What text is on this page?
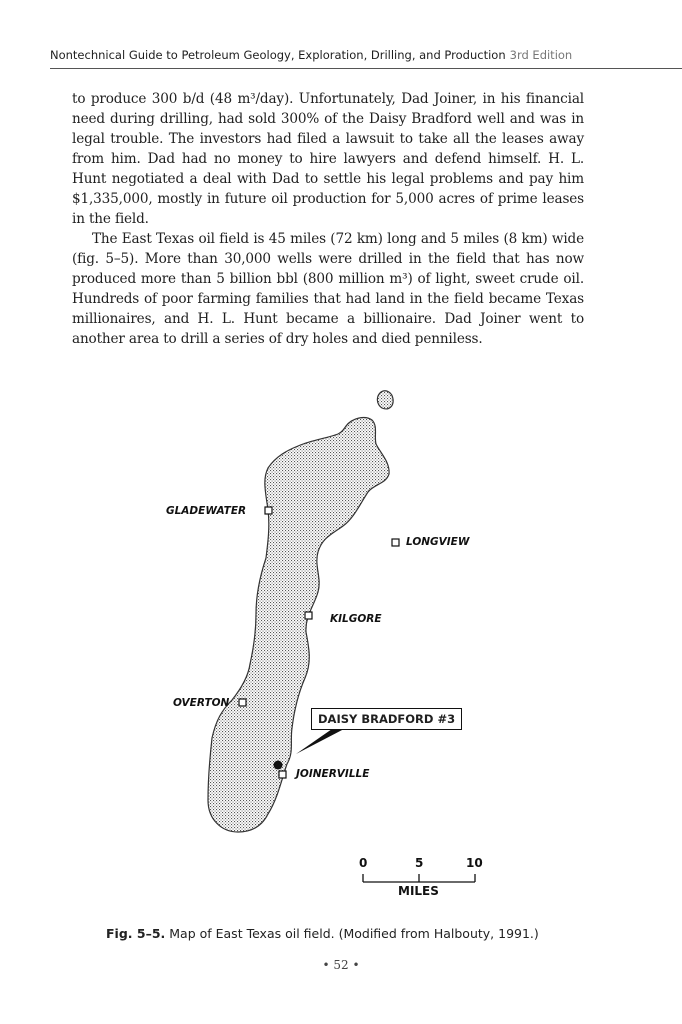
Nontechnical Guide to Petroleum Geology, Exploration, Drilling, and Production 3rd Edition

to produce 300 b/d (48 m³/day). Unfortunately, Dad Joiner, in his financial need during drilling, had sold 300% of the Daisy Bradford well and was in legal trouble. The investors had filed a lawsuit to take all the leases away from him. Dad had no money to hire lawyers and defend himself. H. L. Hunt negotiated a deal with Dad to settle his legal problems and pay him $1,335,000, mostly in future oil production for 5,000 acres of prime leases in the field.

The East Texas oil field is 45 miles (72 km) long and 5 miles (8 km) wide (fig. 5–5). More than 30,000 wells were drilled in the field that has now produced more than 5 billion bbl (800 million m³) of light, sweet crude oil. Hundreds of poor farming families that had land in the field became Texas millionaires, and H. L. Hunt became a billionaire. Dad Joiner went to another area to drill a series of dry holes and died penniless.

GLADEWATER
LONGVIEW
KILGORE
OVERTON
JOINERVILLE
DAISY BRADFORD #3
0	5	10
MILES
Fig. 5–5. Map of East Texas oil field. (Modified from Halbouty, 1991.)
• 52 •
